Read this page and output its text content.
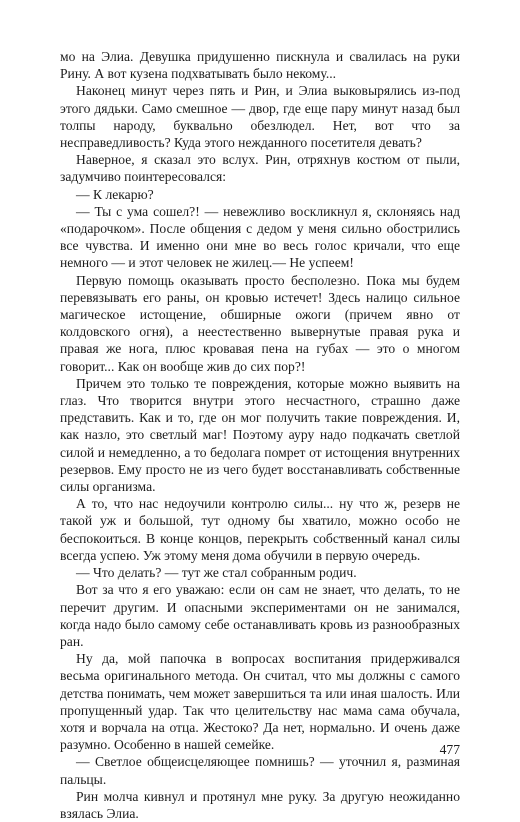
мо на Элиа. Девушка придушенно пискнула и свалилась на руки Рину. А вот кузена подхватывать было некому...

Наконец минут через пять и Рин, и Элиа выковырялись из-под этого дядьки. Само смешное — двор, где еще пару минут назад был толпы народу, буквально обезлюдел. Нет, вот что за несправедливость? Куда этого нежданного посетителя девать?

Наверное, я сказал это вслух. Рин, отряхнув костюм от пыли, задумчиво поинтересовался:

— К лекарю?

— Ты с ума сошел?! — невежливо воскликнул я, склоняясь над «подарочком». После общения с дедом у меня сильно обострились все чувства. И именно они мне во весь голос кричали, что еще немного — и этот человек не жилец.— Не успеем!

Первую помощь оказывать просто бесполезно. Пока мы будем перевязывать его раны, он кровью истечет! Здесь налицо сильное магическое истощение, обширные ожоги (причем явно от колдовского огня), а неестественно вывернутые правая рука и правая же нога, плюс кровавая пена на губах — это о многом говорит... Как он вообще жив до сих пор?!

Причем это только те повреждения, которые можно выявить на глаз. Что творится внутри этого несчастного, страшно даже представить. Как и то, где он мог получить такие повреждения. И, как назло, это светлый маг! Поэтому ауру надо подкачать светлой силой и немедленно, а то бедолага помрет от истощения внутренних резервов. Ему просто не из чего будет восстанавливать собственные силы организма.

А то, что нас недоучили контролю силы... ну что ж, резерв не такой уж и большой, тут одному бы хватило, можно особо не беспокоиться. В конце концов, перекрыть собственный канал силы всегда успею. Уж этому меня дома обучили в первую очередь.

— Что делать? — тут же стал собранным родич.

Вот за что я его уважаю: если он сам не знает, что делать, то не перечит другим. И опасными экспериментами он не занимался, когда надо было самому себе останавливать кровь из разнообразных ран.

Ну да, мой папочка в вопросах воспитания придерживался весьма оригинального метода. Он считал, что мы должны с самого детства понимать, чем может завершиться та или иная шалость. Или пропущенный удар. Так что целительству нас мама сама обучала, хотя и ворчала на отца. Жестоко? Да нет, нормально. И очень даже разумно. Особенно в нашей семейке.

— Светлое общеисцеляющее помнишь? — уточнил я, разминая пальцы.

Рин молча кивнул и протянул мне руку. За другую неожиданно взялась Элиа.

477
